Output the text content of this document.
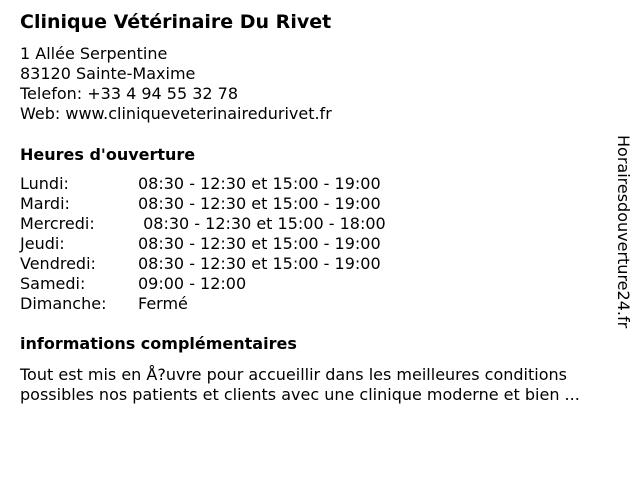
Clinique Vétérinaire Du Rivet
1 Allée Serpentine
83120 Sainte-Maxime
Telefon: +33 4 94 55 32 78
Web: www.cliniqueveterinairedurivet.fr
Heures d'ouverture
Lundi:	08:30 - 12:30 et 15:00 - 19:00
Mardi:	08:30 - 12:30 et 15:00 - 19:00
Mercredi:	08:30 - 12:30 et 15:00 - 18:00
Jeudi:	08:30 - 12:30 et 15:00 - 19:00
Vendredi:	08:30 - 12:30 et 15:00 - 19:00
Samedi:	09:00 - 12:00
Dimanche: Fermé
informations complémentaires
Tout est mis en Å?uvre pour accueillir dans les meilleures conditions
possibles nos patients et clients avec une clinique moderne et bien ...
Horairesdouverture24.fr
